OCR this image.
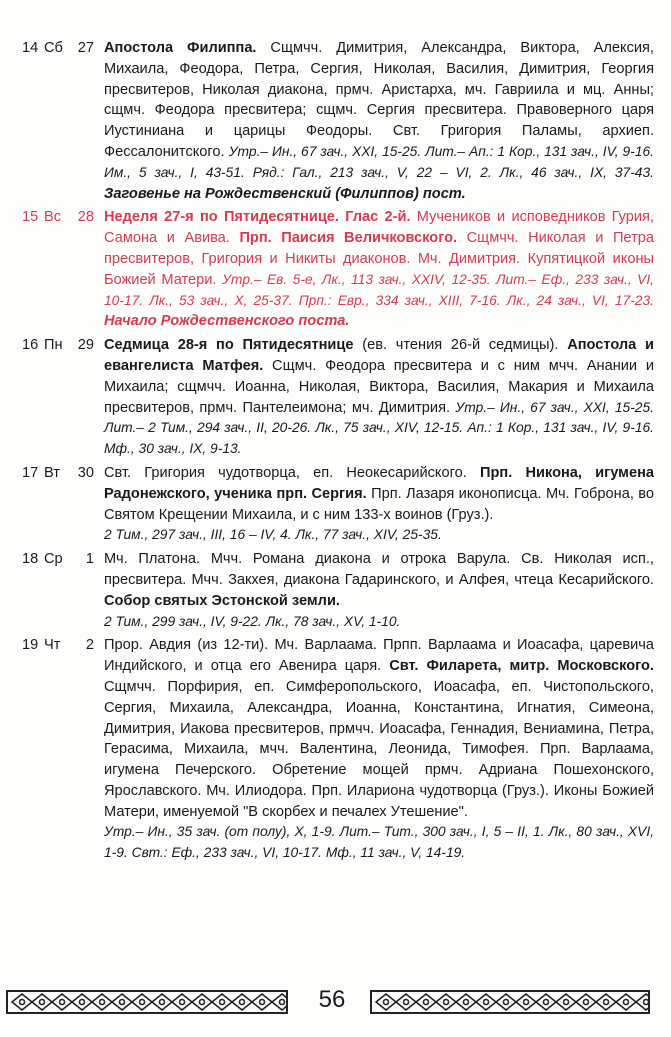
14 Сб 27 Апостола Филиппа. Сщмчч. Димитрия, Александра, Виктора, Алексия, Михаила, Феодора, Петра, Сергия, Николая, Василия, Димитрия, Георгия пресвитеров, Николая диакона, прмч. Аристарха, мч. Гавриила и мц. Анны; сщмч. Феодора пресвитера; сщмч. Сергия пресвитера. Правоверного царя Иустиниана и царицы Феодоры. Свт. Григория Паламы, архиеп. Фессалонитского. Утр.– Ин., 67 зач., XXI, 15-25. Лит.– Ап.: 1 Кор., 131 зач., IV, 9-16. Им., 5 зач., I, 43-51. Ряд.: Гал., 213 зач., V, 22 – VI, 2. Лк., 46 зач., IX, 37-43. Заговенье на Рождественский (Филиппов) пост.
15 Вс 28 Неделя 27-я по Пятидесятнице. Глас 2-й. Мучеников и исповедников Гурия, Самона и Авива. Прп. Паисия Величковского. Сщмчч. Николая и Петра пресвитеров, Григория и Никиты диаконов. Мч. Димитрия. Купятицкой иконы Божией Матери. Утр.– Ев. 5-е, Лк., 113 зач., XXIV, 12-35. Лит.– Еф., 233 зач., VI, 10-17. Лк., 53 зач., X, 25-37. Прп.: Евр., 334 зач., XIII, 7-16. Лк., 24 зач., VI, 17-23. Начало Рождественского поста.
16 Пн 29 Седмица 28-я по Пятидесятнице (ев. чтения 26-й седмицы). Апостола и евангелиста Матфея. Сщмч. Феодора пресвитера и с ним мчч. Анании и Михаила; сщмчч. Иоанна, Николая, Виктора, Василия, Макария и Михаила пресвитеров, прмч. Пантелеимона; мч. Димитрия. Утр.– Ин., 67 зач., XXI, 15-25. Лит.– 2 Тим., 294 зач., II, 20-26. Лк., 75 зач., XIV, 12-15. Ап.: 1 Кор., 131 зач., IV, 9-16. Мф., 30 зач., IX, 9-13.
17 Вт 30 Свт. Григория чудотворца, еп. Неокесарийского. Прп. Никона, игумена Радонежского, ученика прп. Сергия. Прп. Лазаря иконописца. Мч. Гоброна, во Святом Крещении Михаила, и с ним 133-х воинов (Груз.).
2 Тим., 297 зач., III, 16 – IV, 4. Лк., 77 зач., XIV, 25-35.
18 Ср 1 Мч. Платона. Мчч. Романа диакона и отрока Варула. Св. Николая исп., пресвитера. Мчч. Закхея, диакона Гадаринского, и Алфея, чтеца Кесарийского. Собор святых Эстонской земли.
2 Тим., 299 зач., IV, 9-22. Лк., 78 зач., XV, 1-10.
19 Чт 2 Прор. Авдия (из 12-ти). Мч. Варлаама. Прпп. Варлаама и Иоасафа, царевича Индийского, и отца его Авенира царя. Свт. Филарета, митр. Московского. Сщмчч. Порфирия, еп. Симферопольского, Иоасафа, еп. Чистопольского, Сергия, Михаила, Александра, Иоанна, Константина, Игнатия, Симеона, Димитрия, Иакова пресвитеров, прмчч. Иоасафа, Геннадия, Вениамина, Петра, Герасима, Михаила, мчч. Валентина, Леонида, Тимофея. Прп. Варлаама, игумена Печерского. Обретение мощей прмч. Адриана Пошехонского, Ярославского. Мч. Илиодора. Прп. Илариона чудотворца (Груз.). Иконы Божией Матери, именуемой "В скорбех и печалех Утешение".
Утр.– Ин., 35 зач. (от полу), X, 1-9. Лит.– Тит., 300 зач., I, 5 – II, 1. Лк., 80 зач., XVI, 1-9. Свт.: Еф., 233 зач., VI, 10-17. Мф., 11 зач., V, 14-19.
56
